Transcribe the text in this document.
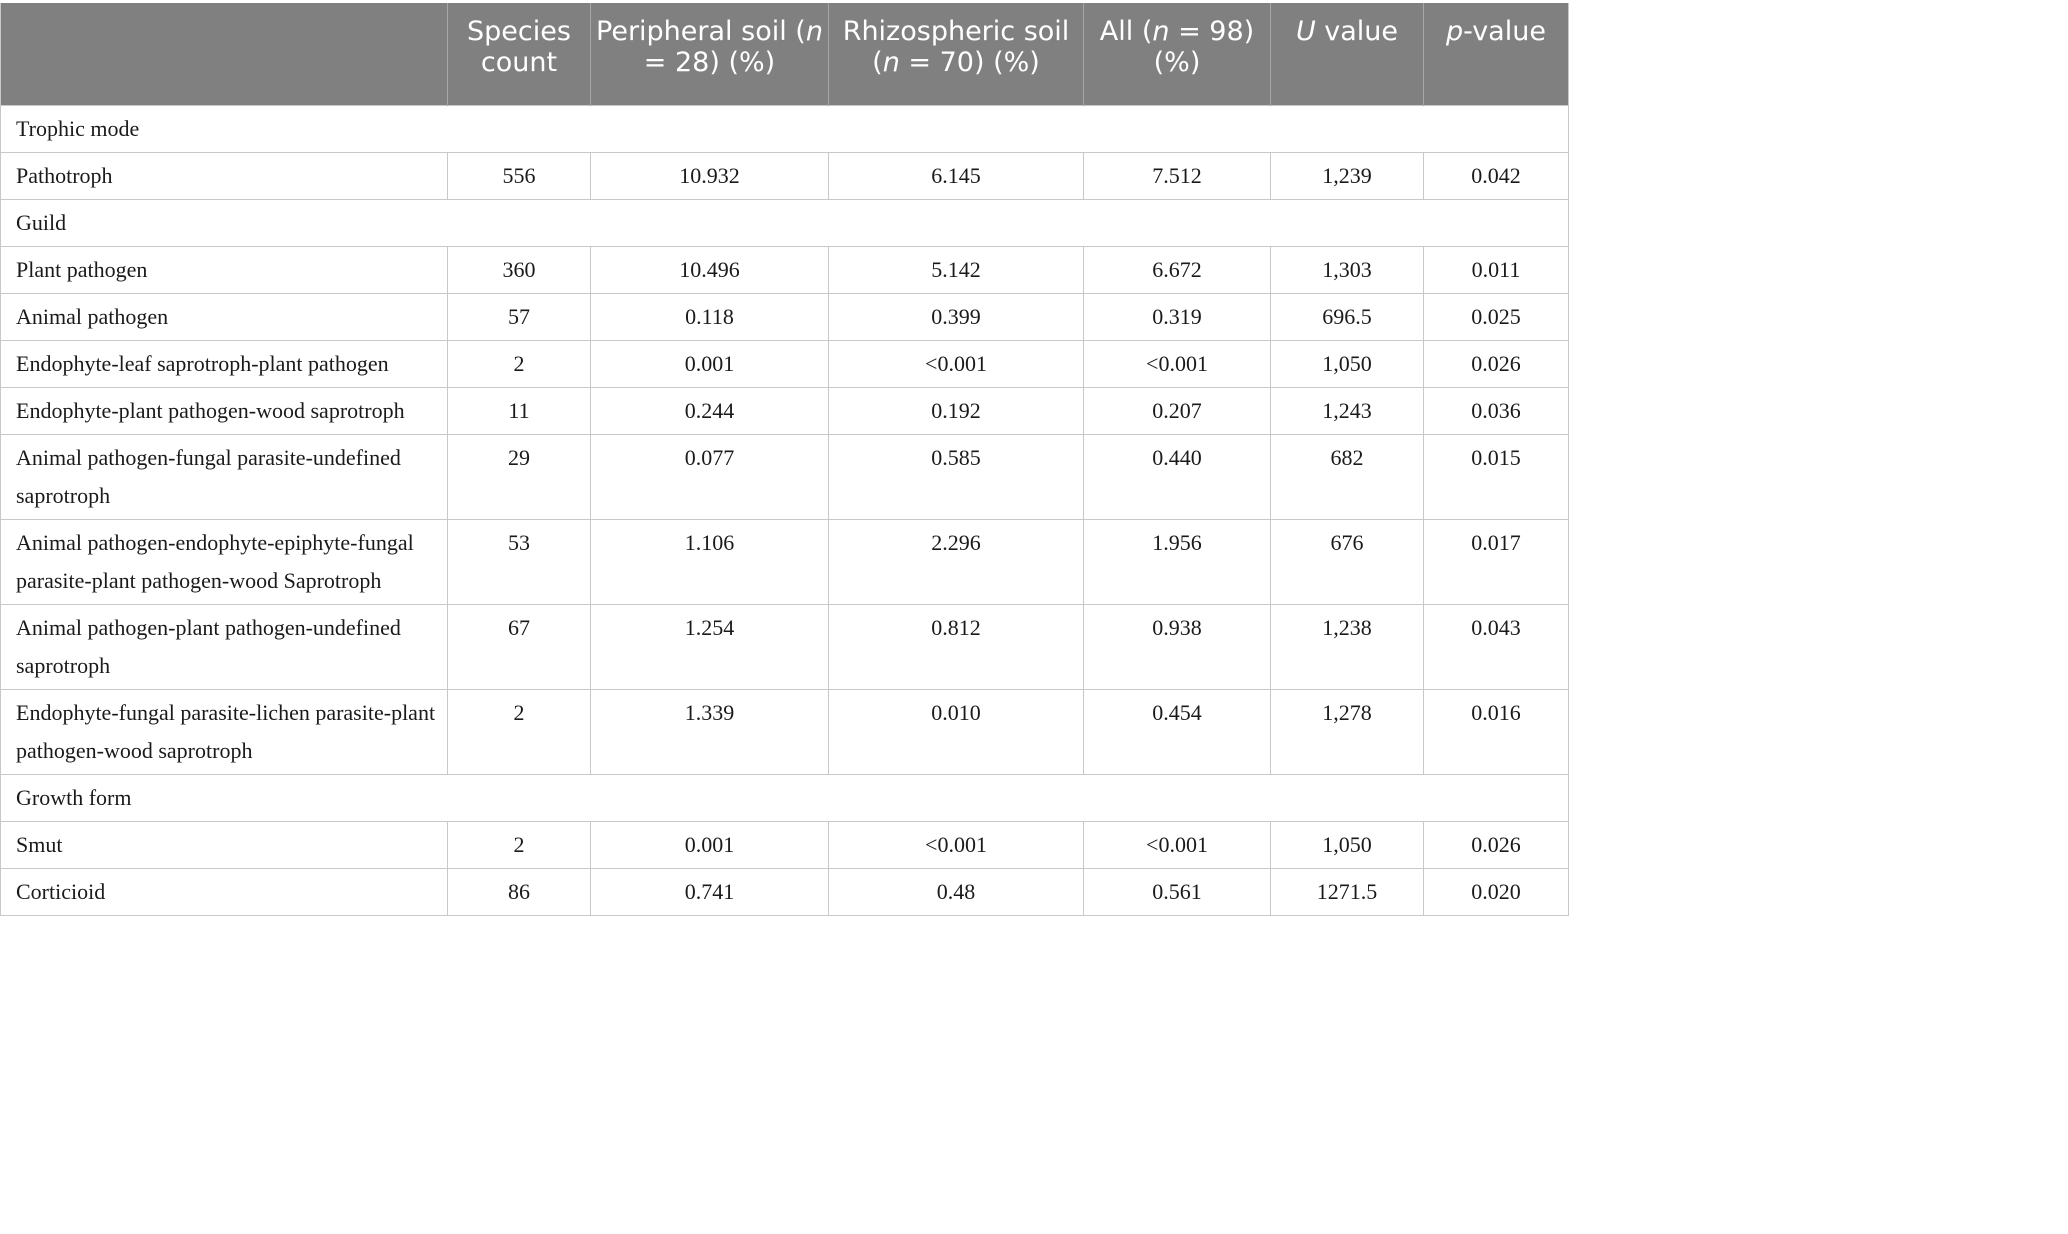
	Species count	Peripheral soil (n = 28) (%)	Rhizospheric soil (n = 70) (%)	All (n = 98) (%)	U value	p-value
Trophic mode						
Pathotroph	556	10.932	6.145	7.512	1,239	0.042
Guild						
Plant pathogen	360	10.496	5.142	6.672	1,303	0.011
Animal pathogen	57	0.118	0.399	0.319	696.5	0.025
Endophyte-leaf saprotroph-plant pathogen	2	0.001	<0.001	<0.001	1,050	0.026
Endophyte-plant pathogen-wood saprotroph	11	0.244	0.192	0.207	1,243	0.036
Animal pathogen-fungal parasite-undefined saprotroph	29	0.077	0.585	0.440	682	0.015
Animal pathogen-endophyte-epiphyte-fungal parasite-plant pathogen-wood Saprotroph	53	1.106	2.296	1.956	676	0.017
Animal pathogen-plant pathogen-undefined saprotroph	67	1.254	0.812	0.938	1,238	0.043
Endophyte-fungal parasite-lichen parasite-plant pathogen-wood saprotroph	2	1.339	0.010	0.454	1,278	0.016
Growth form						
Smut	2	0.001	<0.001	<0.001	1,050	0.026
Corticioid	86	0.741	0.48	0.561	1271.5	0.020
